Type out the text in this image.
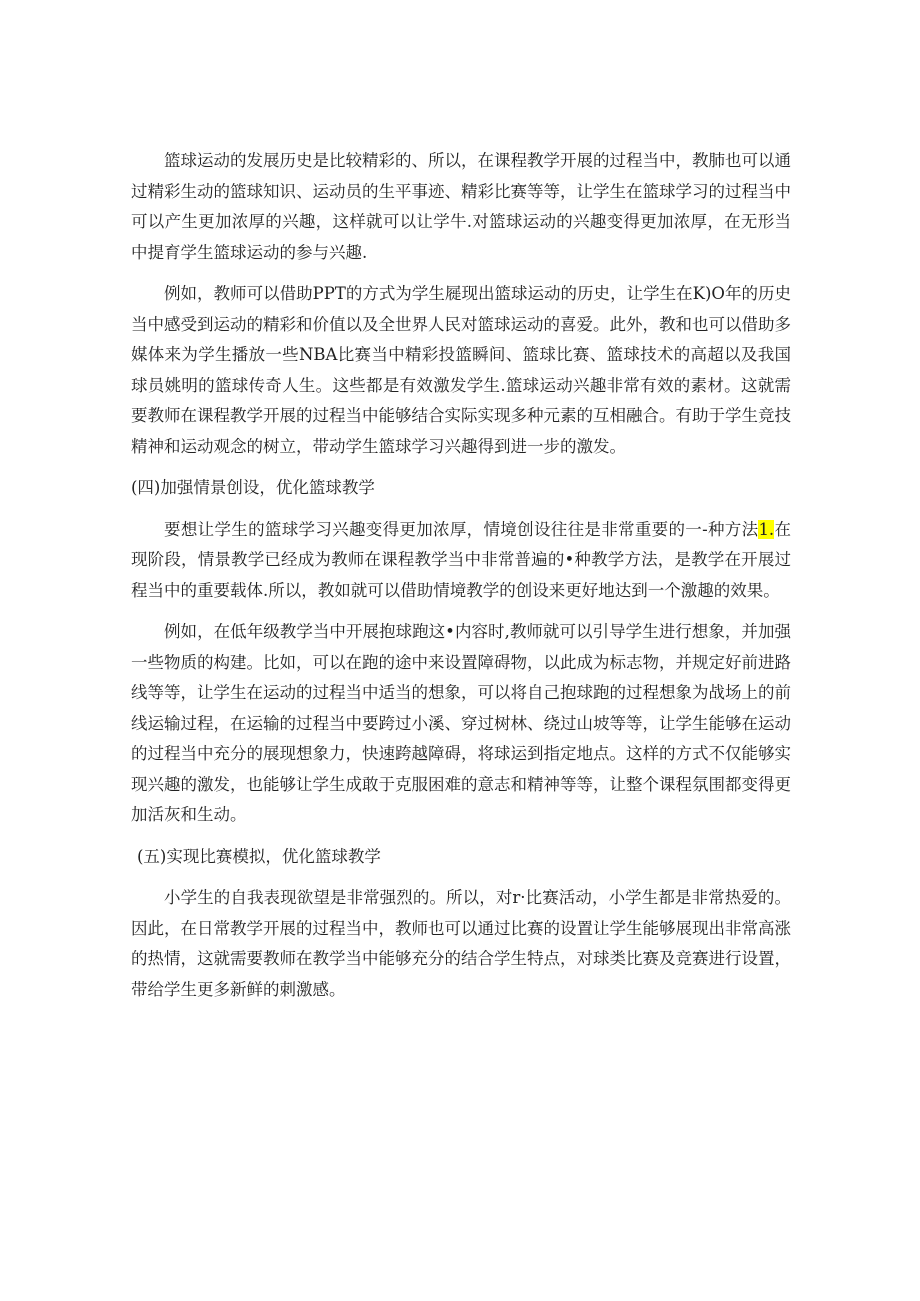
篮球运动的发展历史是比较精彩的、所以，在课程教学开展的过程当中，教肺也可以通过精彩生动的篮球知识、运动员的生平事迹、精彩比赛等等，让学生在篮球学习的过程当中可以产生更加浓厚的兴趣，这样就可以让学牛.对篮球运动的兴趣变得更加浓厚，在无形当中提育学生篮球运动的参与兴趣.

例如，教师可以借助PPT的方式为学生屣现出篮球运动的历史，让学生在K)O年的历史当中感受到运动的精彩和价值以及全世界人民对篮球运动的喜爱。此外，教和也可以借助多媒体来为学生播放一些NBA比赛当中精彩投篮瞬间、篮球比赛、篮球技术的高超以及我国球员姚明的篮球传奇人生。这些都是有效激发学生.篮球运动兴趣非常有效的素材。这就需要教师在课程教学开展的过程当中能够结合实际实现多种元素的互相融合。有助于学生竞技精神和运动观念的树立，带动学生篮球学习兴趣得到进一步的激发。

(四)加强情景创设，优化篮球教学

要想让学生的篮球学习兴趣变得更加浓厚，情境创设往往是非常重要的一-种方法1.在现阶段，情景教学已经成为教师在课程教学当中非常普遍的•种教学方法，是教学在开展过程当中的重要载体.所以，教如就可以借助情境教学的创设来更好地达到一个激趣的效果。

例如，在低年级教学当中开展抱球跑这•内容时,教师就可以引导学生进行想象，并加强一些物质的构建。比如，可以在跑的途中来设置障碍物，以此成为标志物，并规定好前进路线等等，让学生在运动的过程当中适当的想象，可以将自己抱球跑的过程想象为战场上的前线运输过程，在运输的过程当中要跨过小溪、穿过树林、绕过山坡等等，让学生能够在运动的过程当中充分的展现想象力，快速跨越障碍，将球运到指定地点。这样的方式不仅能够实现兴趣的激发，也能够让学生成敢于克服困难的意志和精神等等，让整个课程氛围都变得更加活灰和生动。

(五)实现比赛模拟，优化篮球教学

小学生的自我表现欲望是非常强烈的。所以，对r·比赛活动，小学生都是非常热爱的。因此，在日常教学开展的过程当中，教师也可以通过比赛的设置让学生能够展现出非常高涨的热情，这就需要教师在教学当中能够充分的结合学生特点，对球类比赛及竞赛进行设置，带给学生更多新鲜的刺激感。
